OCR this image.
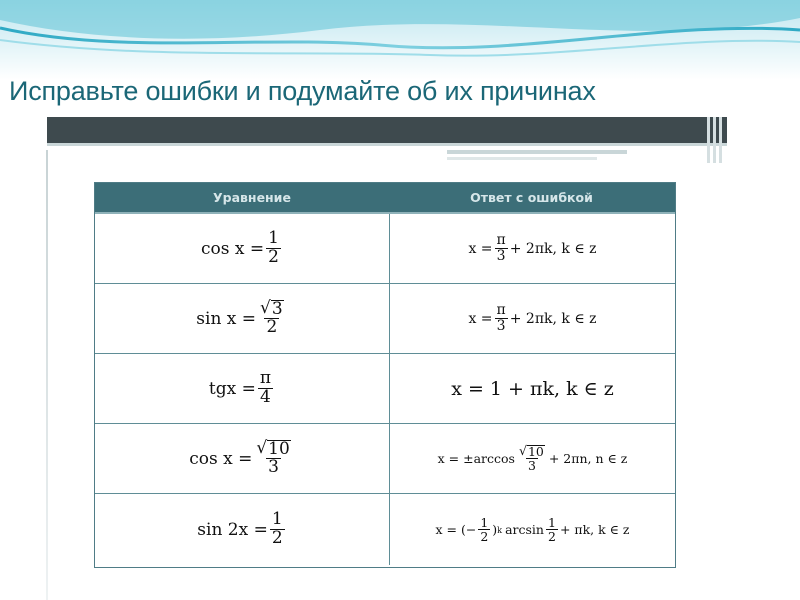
Исправьте ошибки и подумайте об их причинах
Уравнение	Ответ с ошибкой
$\cos x = \frac{1}{2}$	$x = \frac{\pi}{3} + 2\pi k$, k ∈ z
$\sin x = \frac{√ 3}{2}$	$x = \frac{\pi}{3} + 2\pi k$, k ∈ z
tgx = $\frac{\pi}{4}$	x = 1 + πk, k ∈ z
$\cos x = \frac{√ 10}{3}$	$x = \pm\arccos \frac{√ 10}{3} + 2\pi n$, n ∈ z
$\sin 2x = \frac{1}{2}$	x = (− $\frac{1}{2}$ ) k $\arcsin \frac{1}{2} + \pi k$, k ∈ z
